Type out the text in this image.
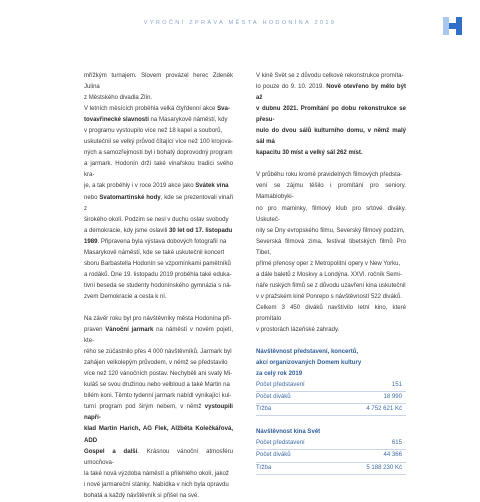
VÝROČNÍ ZPRÁVA MĚSTA HODONÍNA 2019

mřížkým turnajem. Slovem provázel herec Zdeněk Julina

z Městského divadla Zlín.

V letních měsících proběhla velká čtyřdenní akce Sva-

tovavřinecké slavnosti na Masarykově náměstí, kdy

v programu vystoupilo více než 18 kapel a souborů,

uskutečnil se velký průvod čítající více než 100 krojova-

ných a samozřejmostí byl i bohatý doprovodný program

a jarmark. Hodonín drží také vinařskou tradici svého kra-

je, a tak proběhly i v roce 2019 akce jako Svátek vína

nebo Svatomartinské hody, kde se prezentovali vinaři z

širokého okolí. Podzim se nesl v duchu oslav svobody

a demokracie, kdy jsme oslavili 30 let od 17. listopadu

1989. Připravena byla výstava dobových fotografií na

Masarykově náměstí, kde se také uskutečnil koncert

sboru Barbastella Hodonín se vzpomínkami pamětníků

a rodáků. Dne 19. listopadu 2019 proběhla také eduka-

tivní beseda se studenty hodonínského gymnázia s ná-

zvem Demokracie a cesta k ní.

Na závěr roku byl pro návštěvníky města Hodonína při-

praven Vánoční jarmark na náměstí v novém pojetí, kte-

rého se zúčastnilo přes 4 000 návštěvníků. Jarmark byl

zahájen velkolepým průvodem, v němž se představilo

více než 120 vánočních postav. Nechyběli ani svatý Mi-

kuláš se svou družinou nebo velbloud a také Martin na

bílém koni. Těmto tydenní jarmark nabídl vynikající kul-

turní program pod širým nebem, v němž vystoupili napří-

klad Martin Harich, AG Flek, Alžběta Kolečkářová, ADD

Gospel a další. Krásnou vánoční atmosféru umocňova-

la také nová výzdoba náměstí a přilehlého okolí, jakož

i nové jarmareční stánky. Nabídka v nich byla opravdu

bohatá a každý návštěvník si přišel na své.

V kině Svět se z důvodu celkové rekonstrukce promíta-

lo pouze do 9. 10. 2019. Nově otevřeno by mělo být až

v dubnu 2021. Promítání po dobu rekonstrukce se přesu-

nulo do dvou sálů kulturního domu, v němž malý sál má

kapacitu 30 míst a velký sál 262 míst.

V průběhu roku kromě pravidelných filmových předsta-

vení se zájmu těšilo i promítání pro seniory. Mamabiobyki-

no pro maminky, filmový klub pro srtové diváky. Uskuteč-

nily se Dny evropského filmu, Severský filmový podzim,

Severská filmová zima, festival tibetských filmů Pro Tibet,

přímé přenosy oper z Metropolitní opery v New Yorku,

a dále baletů z Moskvy a Londýna. XXVI. ročník Semi-

náře ruských filmů se z důvodu uzavření kina uskutečnil

v v pražském kině Ponrepo s návštěvností 522 diváků.

Celkem 3 450 diváků navštívilo letní kino, které promítalo

v prostorách lázeňské zahrady.

Návštěvnost představení, koncertů,
akcí organizovaných Domem kultury
za celý rok 2019
Počet představení	151
Počet diváků	18 990
Tržba	4 752 621 Kč
Návštěvnost kina Svět
Počet představení	615
Počet diváků	44 366
Tržba	5 188 230 Kč
